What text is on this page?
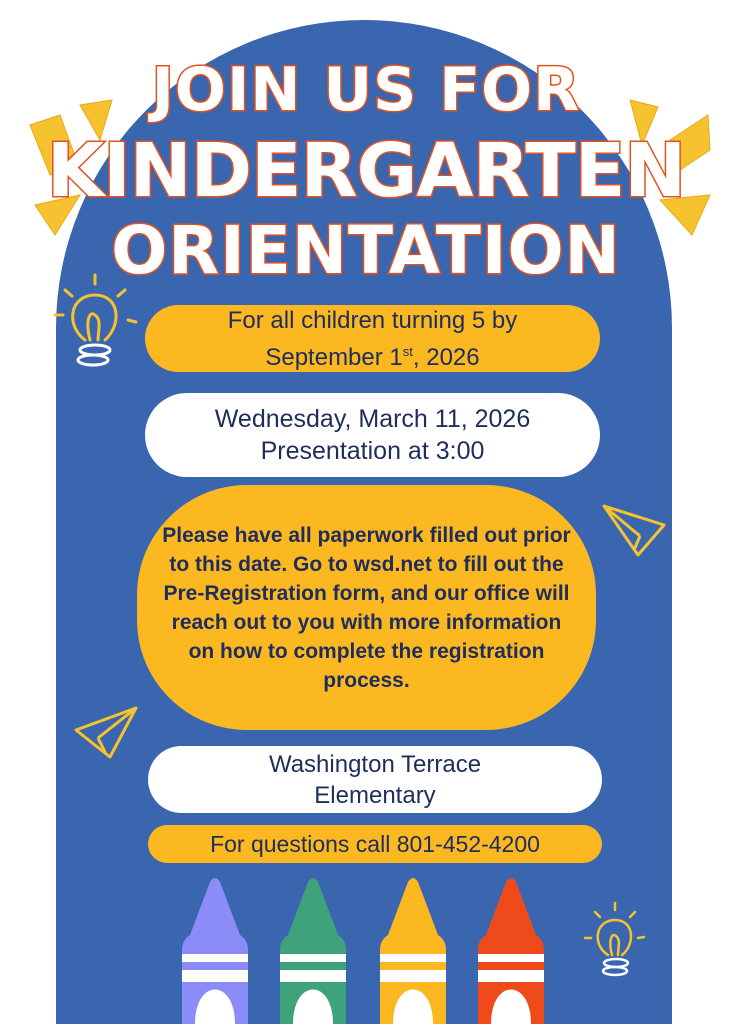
JOIN US FOR
KINDERGARTEN
ORIENTATION
For all children turning 5 by
September 1st, 2026
Wednesday, March 11, 2026
Presentation at 3:00
Please have all paperwork filled out prior to this date. Go to wsd.net to fill out the Pre-Registration form, and our office will reach out to you with more information on how to complete the registration process.
Washington Terrace
Elementary
For questions call 801-452-4200
